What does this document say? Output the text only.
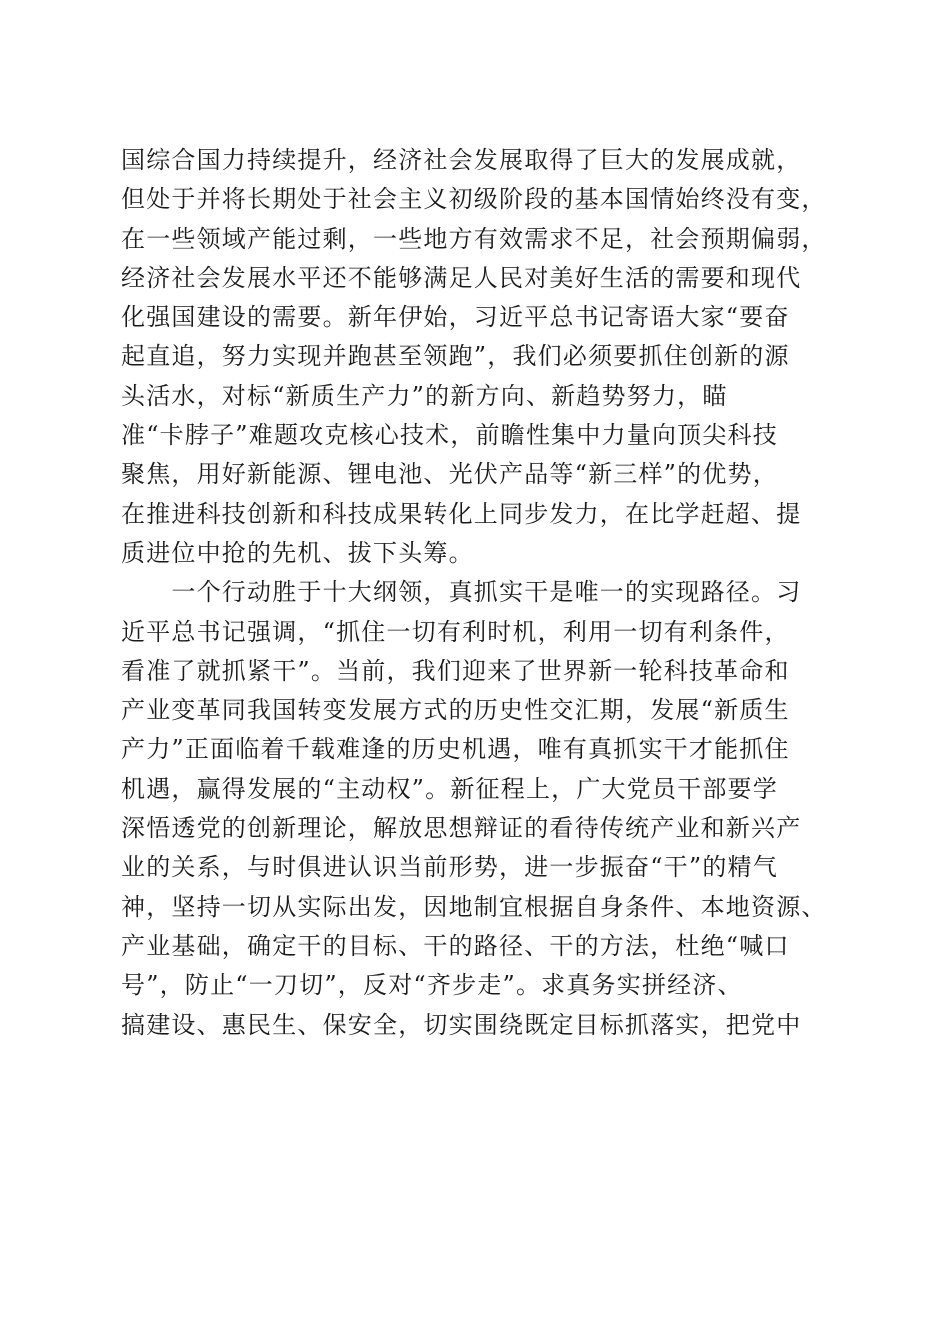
国综合国力持续提升，经济社会发展取得了巨大的发展成就，
但处于并将长期处于社会主义初级阶段的基本国情始终没有变，
在一些领域产能过剩，一些地方有效需求不足，社会预期偏弱，
经济社会发展水平还不能够满足人民对美好生活的需要和现代
化强国建设的需要。新年伊始，习近平总书记寄语大家“要奋
起直追，努力实现并跑甚至领跑”，我们必须要抓住创新的源
头活水，对标“新质生产力”的新方向、新趋势努力，瞄
准“卡脖子”难题攻克核心技术，前瞻性集中力量向顶尖科技
聚焦，用好新能源、锂电池、光伏产品等“新三样”的优势，
在推进科技创新和科技成果转化上同步发力，在比学赶超、提
质进位中抢的先机、拔下头筹。
　　一个行动胜于十大纲领，真抓实干是唯一的实现路径。习
近平总书记强调，“抓住一切有利时机，利用一切有利条件，
看准了就抓紧干”。当前，我们迎来了世界新一轮科技革命和
产业变革同我国转变发展方式的历史性交汇期，发展“新质生
产力”正面临着千载难逢的历史机遇，唯有真抓实干才能抓住
机遇，赢得发展的“主动权”。新征程上，广大党员干部要学
深悟透党的创新理论，解放思想辩证的看待传统产业和新兴产
业的关系，与时俱进认识当前形势，进一步振奋“干”的精气
神，坚持一切从实际出发，因地制宜根据自身条件、本地资源、
产业基础，确定干的目标、干的路径、干的方法，杜绝“喊口
号”，防止“一刀切”，反对“齐步走”。求真务实拼经济、
搞建设、惠民生、保安全，切实围绕既定目标抓落实，把党中
